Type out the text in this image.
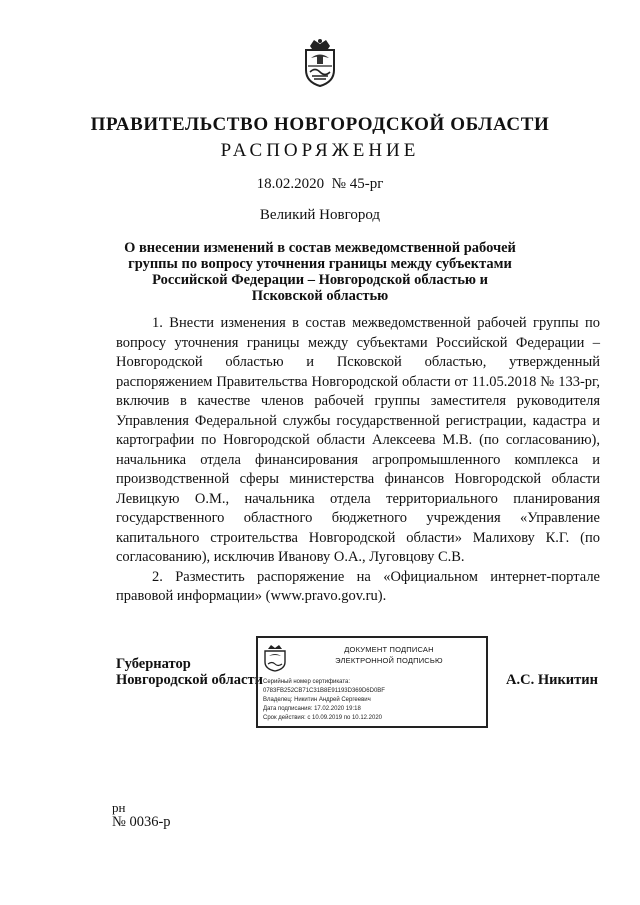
ПРАВИТЕЛЬСТВО НОВГОРОДСКОЙ ОБЛАСТИ
РАСПОРЯЖЕНИЕ
18.02.2020 № 45-рг
Великий Новгород
О внесении изменений в состав межведомственной рабочей группы по вопросу уточнения границы между субъектами Российской Федерации – Новгородской областью и Псковской областью

1. Внести изменения в состав межведомственной рабочей группы по вопросу уточнения границы между субъектами Российской Федерации – Новгородской областью и Псковской областью, утвержденный распоряжением Правительства Новгородской области от 11.05.2018 № 133-рг, включив в качестве членов рабочей группы заместителя руководителя Управления Федеральной службы государственной регистрации, кадастра и картографии по Новгородской области Алексеева М.В. (по согласованию), начальника отдела финансирования агропромышленного комплекса и производственной сферы министерства финансов Новгородской области Левицкую О.М., начальника отдела территориального планирования государственного областного бюджетного учреждения «Управление капитального строительства Новгородской области» Малихову К.Г. (по согласованию), исключив Иванову О.А., Луговцову С.В.

2. Разместить распоряжение на «Официальном интернет-портале правовой информации» (www.pravo.gov.ru).

Губернатор
Новгородской области
ДОКУМЕНТ ПОДПИСАН
ЭЛЕКТРОННОЙ ПОДПИСЬЮ
Серийный номер сертификата:
0783FB252CB71C31B8E91193D369D6D0BF
Владелец: Никитин Андрей Сергеевич
Дата подписания: 17.02.2020 19:18
Срок действия: с 10.09.2019 по 10.12.2020
А.С. Никитин
рн
№ 0036-р
